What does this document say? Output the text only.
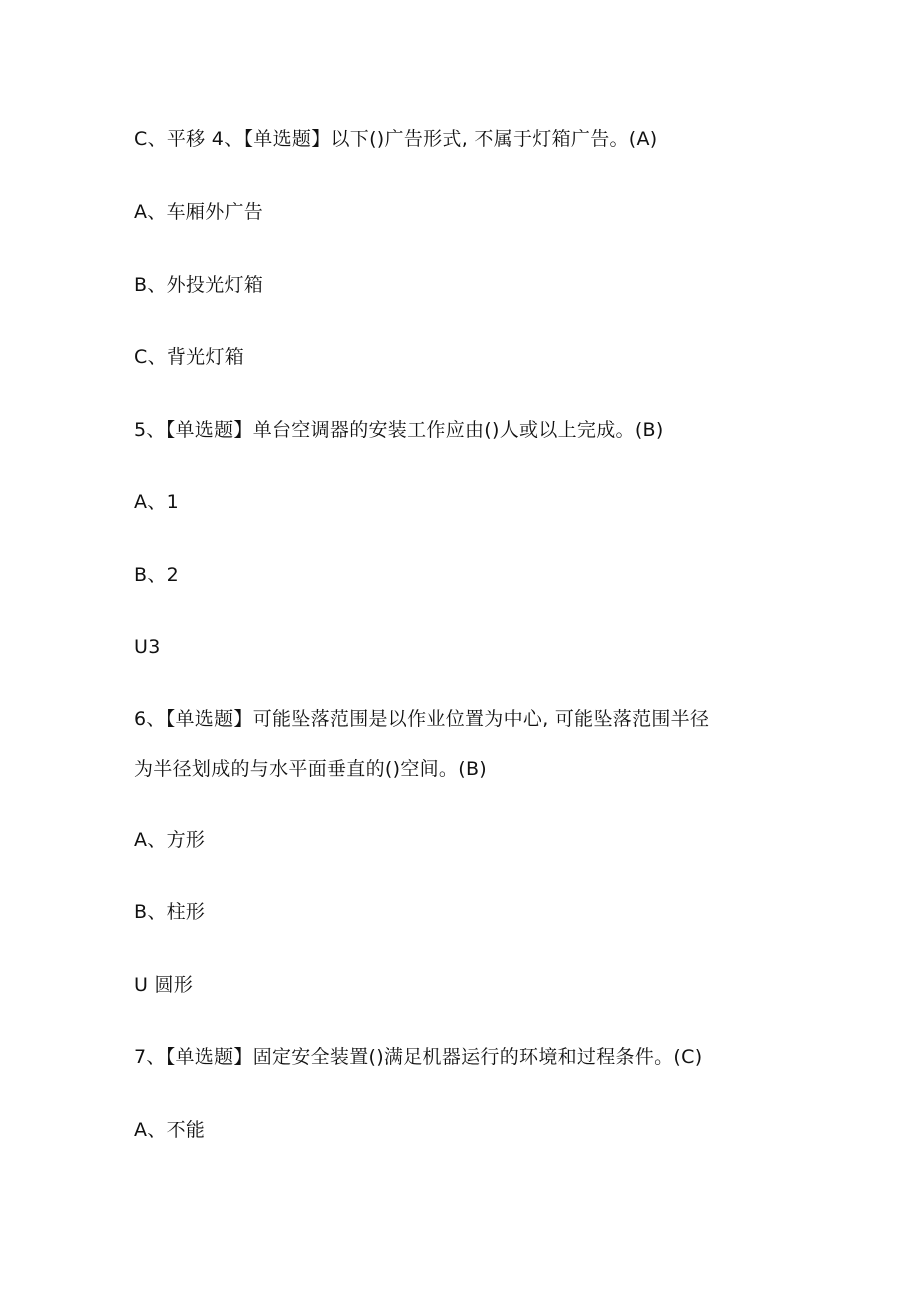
C、平移 4、【单选题】以下()广告形式, 不属于灯箱广告。(A)
A、车厢外广告
B、外投光灯箱
C、背光灯箱
5、【单选题】单台空调器的安装工作应由()人或以上完成。(B)
A、1
B、2
U3
6、【单选题】可能坠落范围是以作业位置为中心, 可能坠落范围半径
为半径划成的与水平面垂直的()空间。(B)
A、方形
B、柱形
U 圆形
7、【单选题】固定安全装置()满足机器运行的环境和过程条件。(C)
A、不能
